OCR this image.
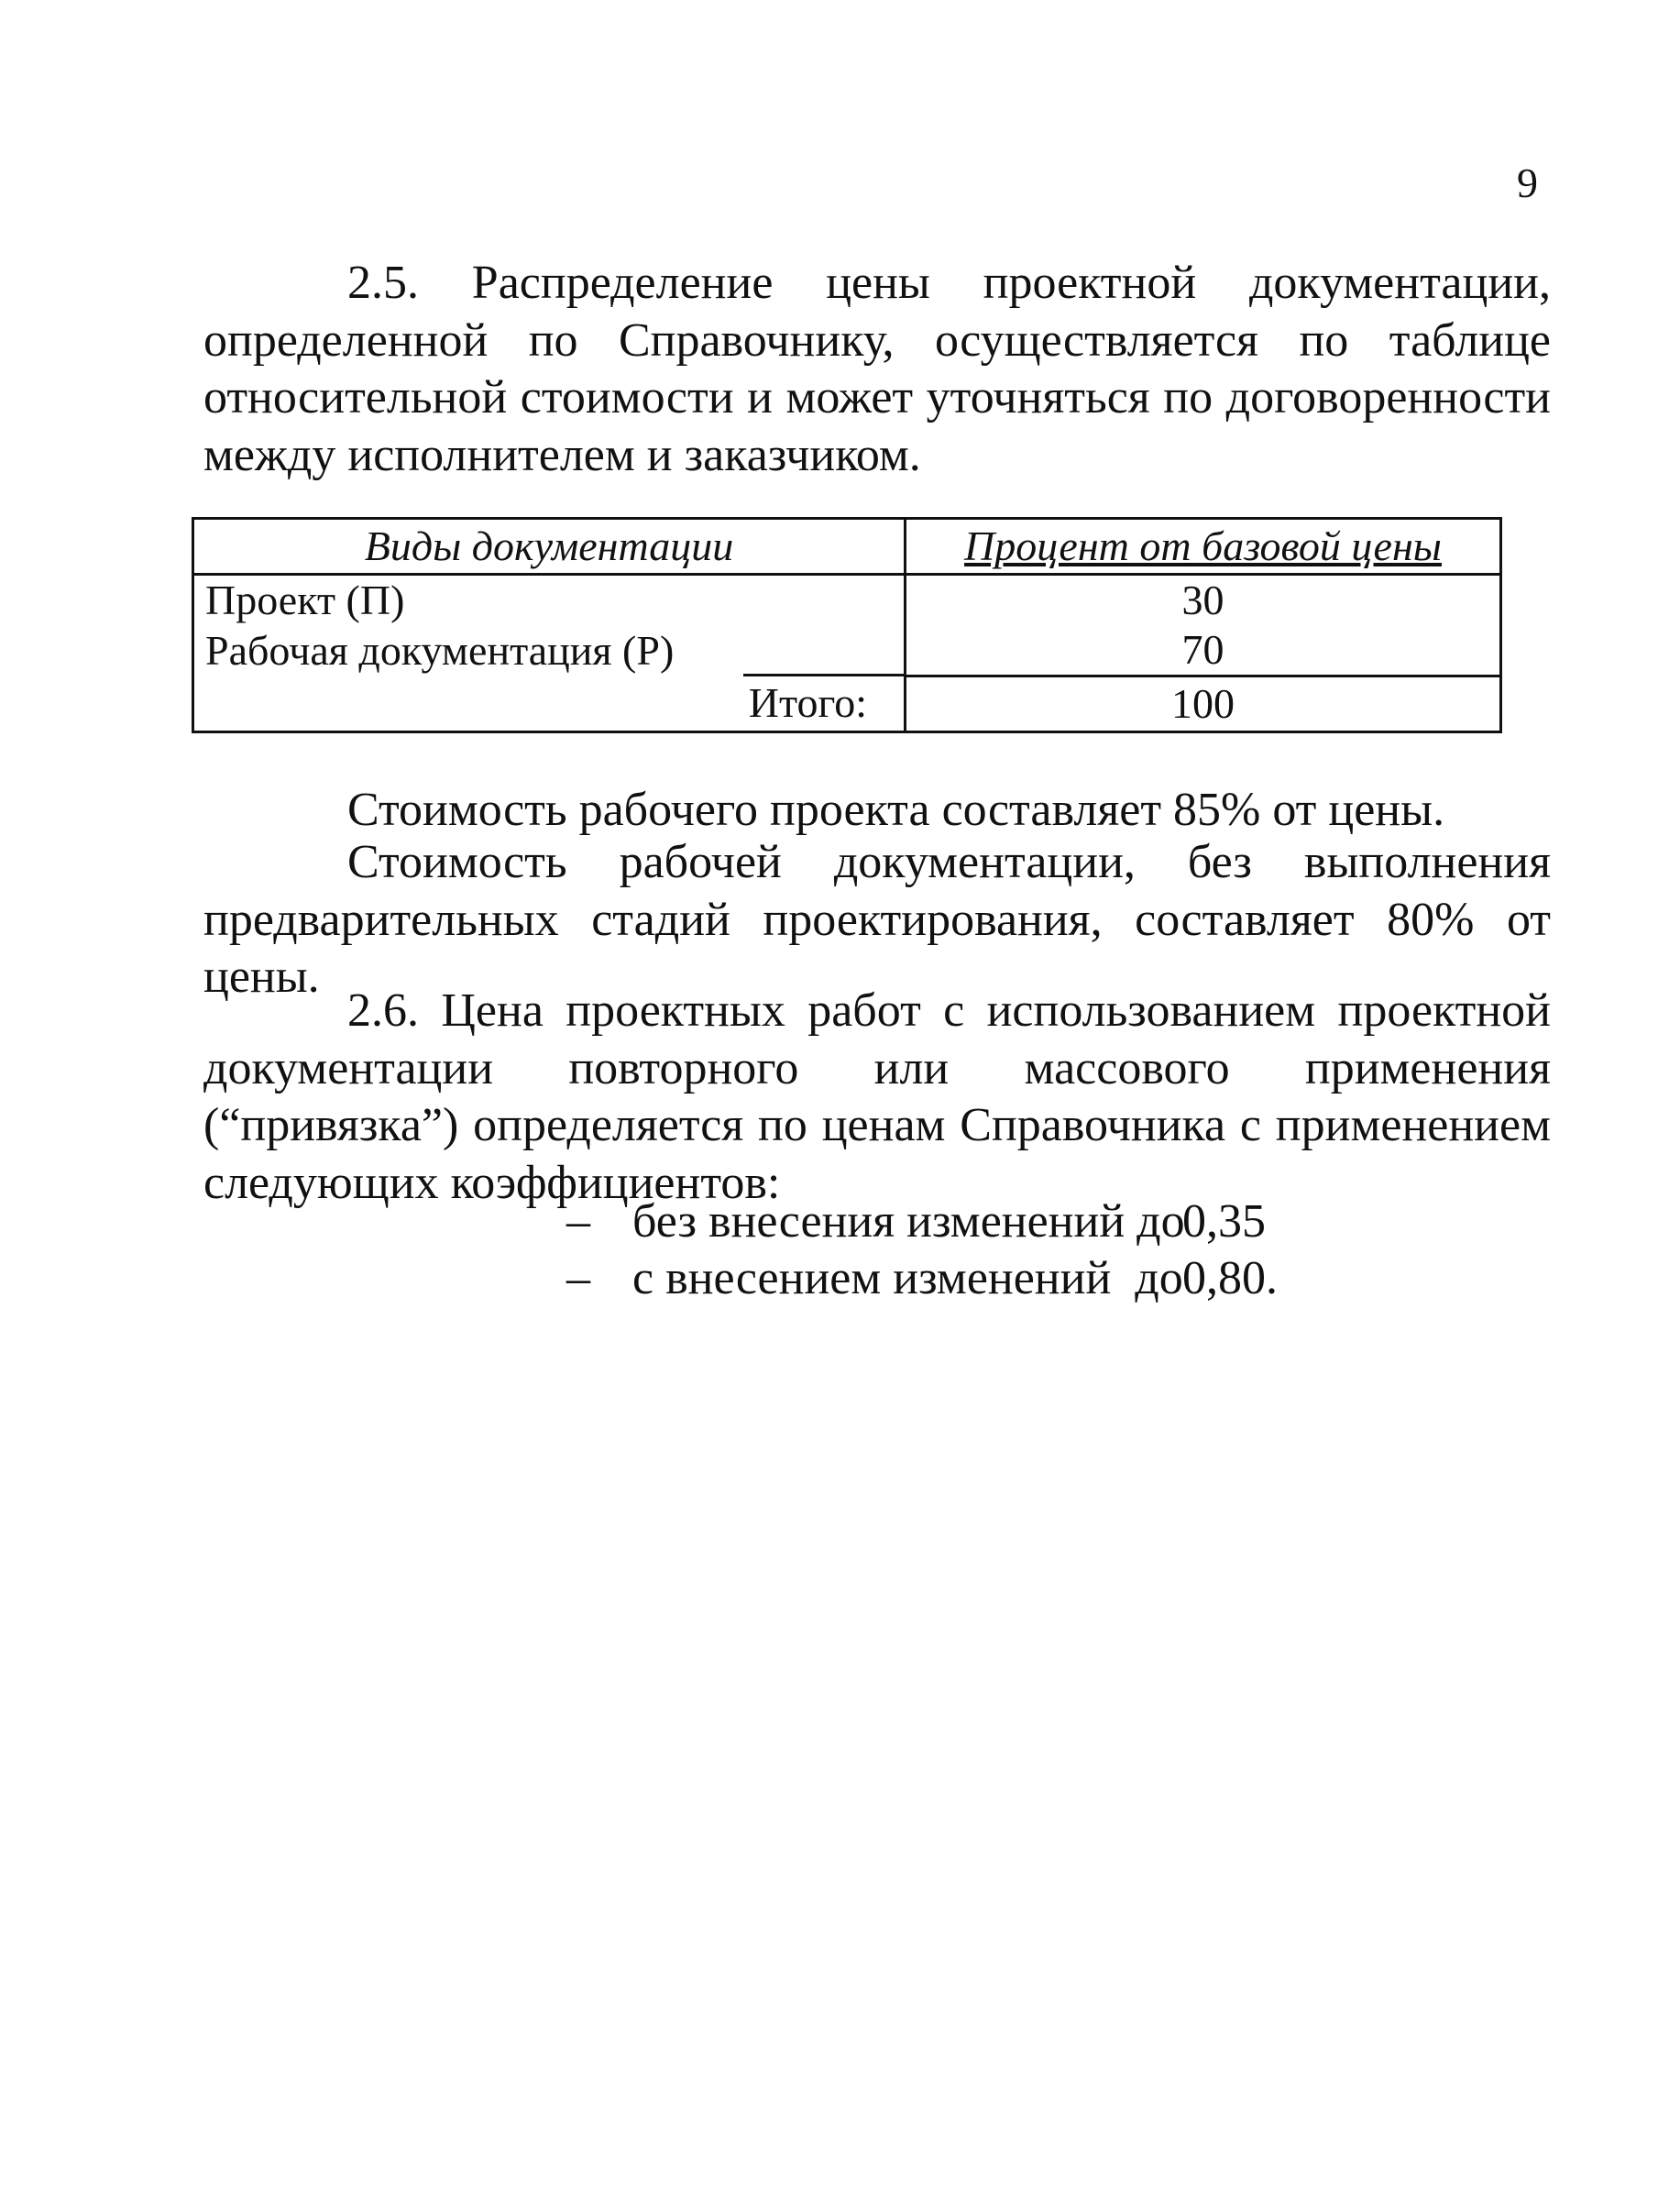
9

2.5. Распределение цены проектной документации, определенной по Справочнику, осуществляется по таблице относительной стоимости и может уточняться по договоренности между исполнителем и заказчиком.

Виды документации	Процент от базовой цены
Проект (П)	30
Рабочая документация (Р)	70
Итого:	100

Стоимость рабочего проекта составляет 85% от цены.

Стоимость рабочей документации, без выполнения предварительных стадий проектирования, составляет 80% от цены.

2.6. Цена проектных работ с использованием проектной документации повторного или массового применения (“привязка”) определяется по ценам Справочника с применением следующих коэффициентов:

– без внесения изменений до0,35
– с внесением изменений  до0,80.
